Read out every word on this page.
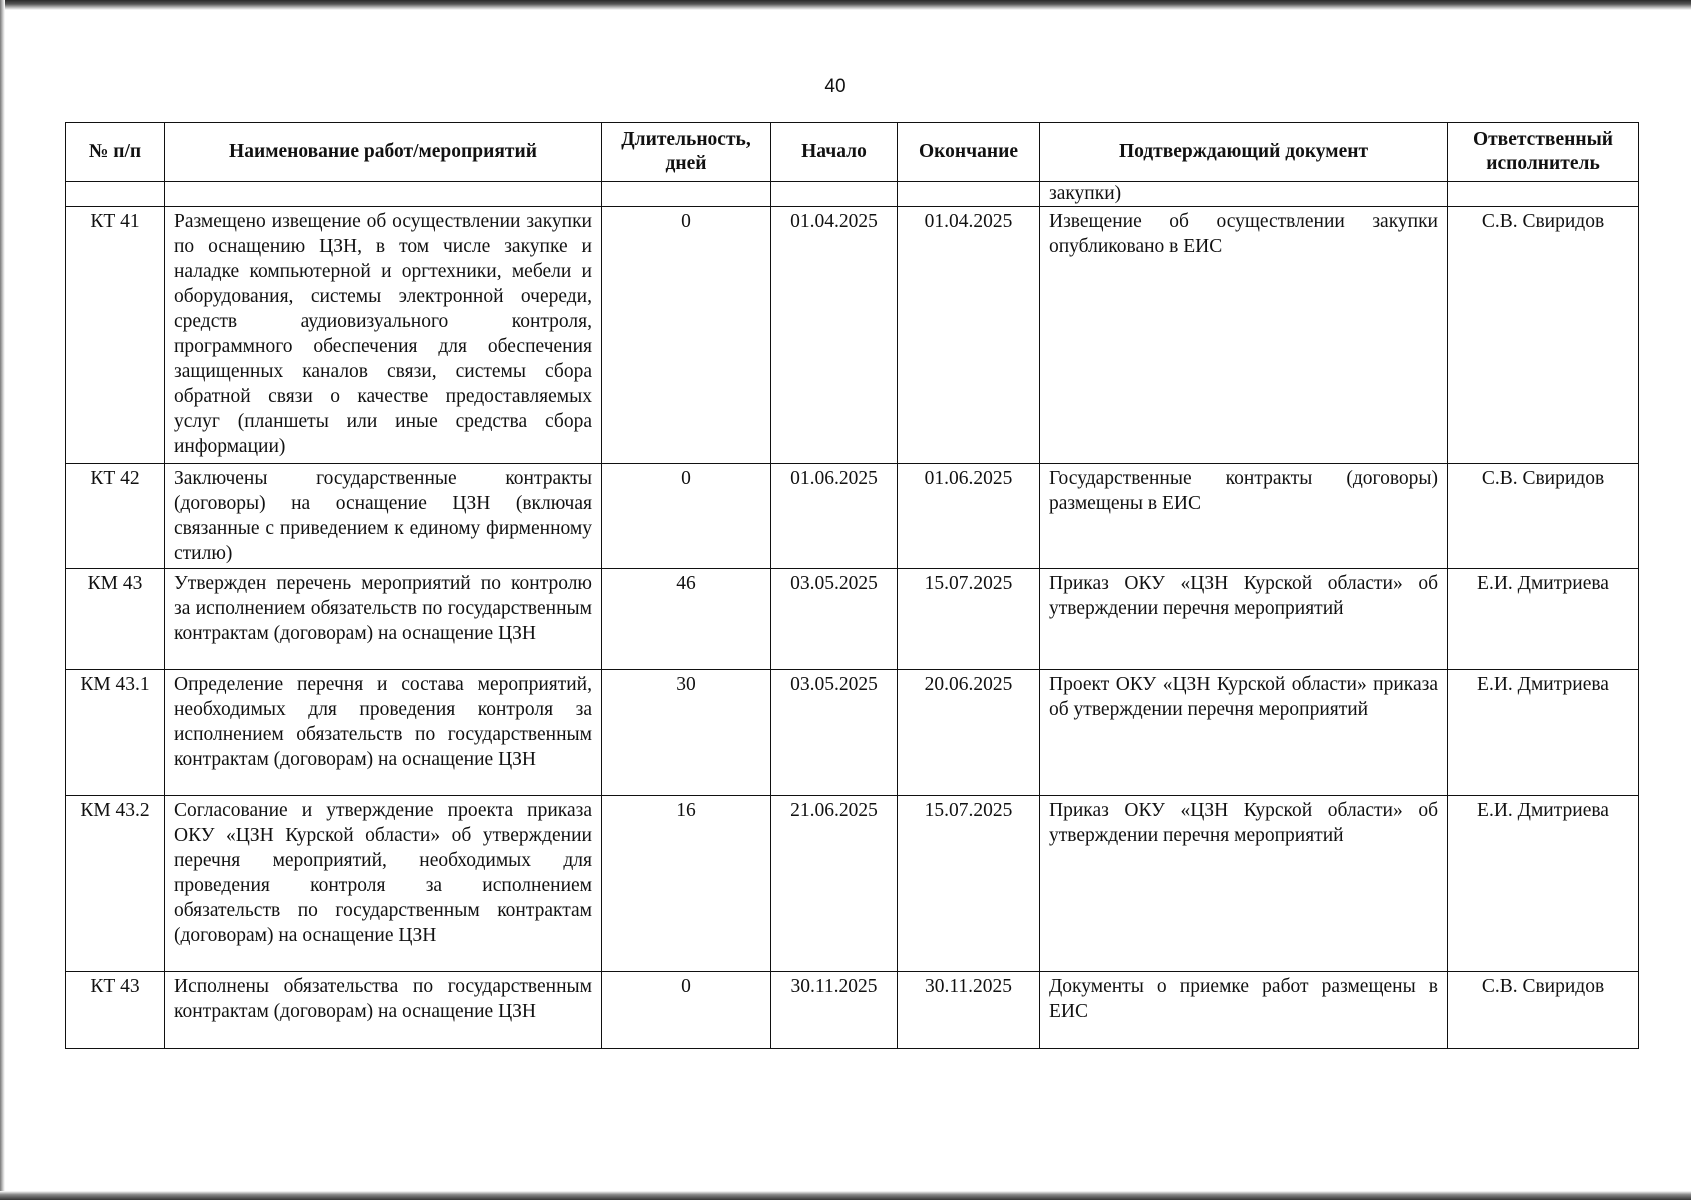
40
№ п/п	Наименование работ/мероприятий	Длительность, дней	Начало	Окончание	Подтверждающий документ	Ответственный исполнитель
					закупки)	
КТ 41	Размещено извещение об осуществлении закупки по оснащению ЦЗН, в том числе закупке и наладке компьютерной и оргтехники, мебели и оборудования, системы электронной очереди, средств аудиовизуального контроля, программного обеспечения для обеспечения защищенных каналов связи, системы сбора обратной связи о качестве предоставляемых услуг (планшеты или иные средства сбора информации)	0	01.04.2025	01.04.2025	Извещение об осуществлении закупки опубликовано в ЕИС	С.В. Свиридов
КТ 42	Заключены государственные контракты (договоры) на оснащение ЦЗН (включая связанные с приведением к единому фирменному стилю)	0	01.06.2025	01.06.2025	Государственные контракты (договоры) размещены в ЕИС	С.В. Свиридов
КМ 43	Утвержден перечень мероприятий по контролю за исполнением обязательств по государственным контрактам (договорам) на оснащение ЦЗН	46	03.05.2025	15.07.2025	Приказ ОКУ «ЦЗН Курской области» об утверждении перечня мероприятий	Е.И. Дмитриева
КМ 43.1	Определение перечня и состава мероприятий, необходимых для проведения контроля за исполнением обязательств по государственным контрактам (договорам) на оснащение ЦЗН	30	03.05.2025	20.06.2025	Проект ОКУ «ЦЗН Курской области» приказа об утверждении перечня мероприятий	Е.И. Дмитриева
КМ 43.2	Согласование и утверждение проекта приказа ОКУ «ЦЗН Курской области» об утверждении перечня мероприятий, необходимых для проведения контроля за исполнением обязательств по государственным контрактам (договорам) на оснащение ЦЗН	16	21.06.2025	15.07.2025	Приказ ОКУ «ЦЗН Курской области» об утверждении перечня мероприятий	Е.И. Дмитриева
КТ 43	Исполнены обязательства по государственным контрактам (договорам) на оснащение ЦЗН	0	30.11.2025	30.11.2025	Документы о приемке работ размещены в ЕИС	С.В. Свиридов
